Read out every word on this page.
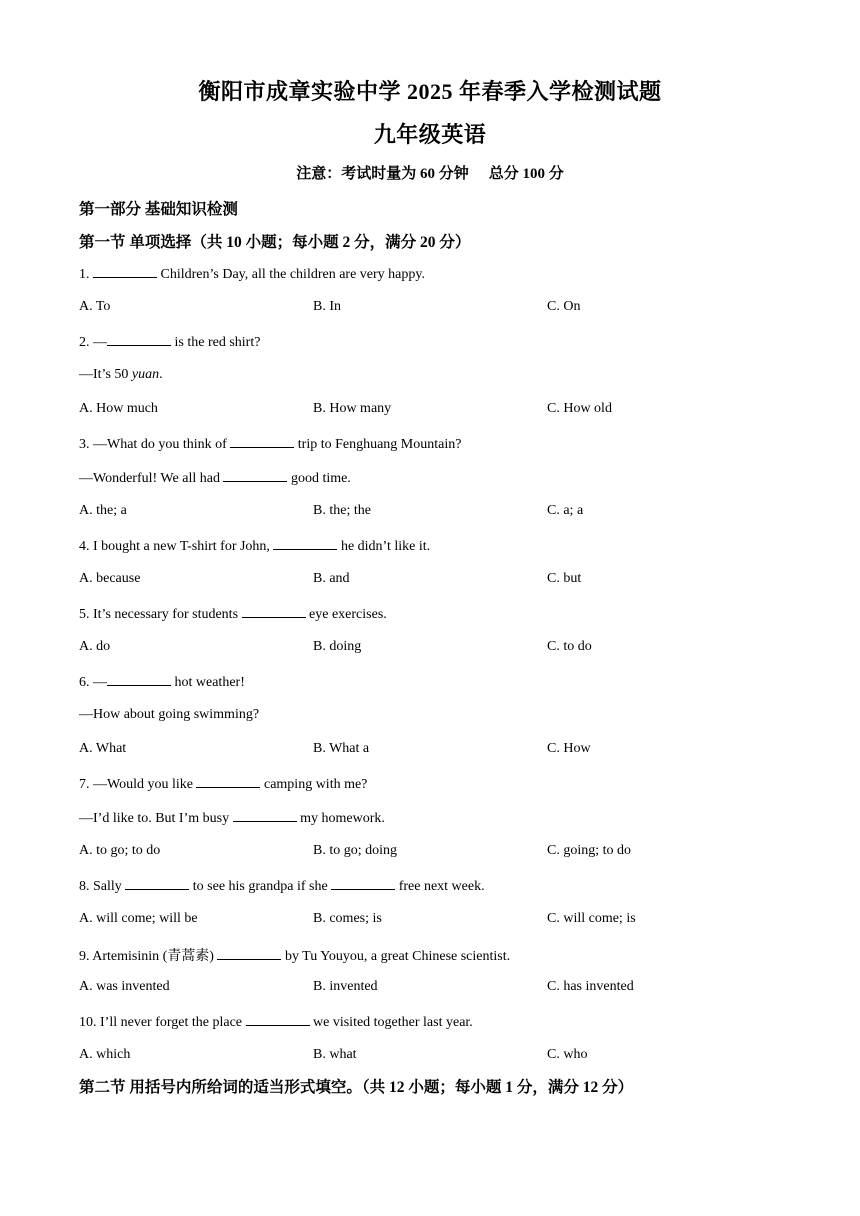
衡阳市成章实验中学 2025 年春季入学检测试题
九年级英语
注意：考试时量为 60 分钟 总分 100 分
第一部分 基础知识检测
第一节 单项选择（共 10 小题；每小题 2 分，满分 20 分）
1.	Children’s Day, all the children are very happy.
A. To	B. In	C. On
2. —	is the red shirt?
—It’s 50 yuan.
A. How much	B. How many	C. How old
3. —What do you think of	trip to Fenghuang Mountain?
—Wonderful! We all had	good time.
A. the; a	B. the; the	C. a; a
4. I bought a new T-shirt for John,	he didn’t like it.
A. because	B. and	C. but
5. It’s necessary for students	eye exercises.
A. do	B. doing	C. to do
6. —	hot weather!
—How about going swimming?
A. What	B. What a	C. How
7. —Would you like	camping with me?
—I’d like to. But I’m busy	my homework.
A. to go; to do	B. to go; doing	C. going; to do
8. Sally	to see his grandpa if she	free next week.
A. will come; will be	B. comes; is	C. will come; is
9. Artemisinin (青蒿素)	by Tu Youyou, a great Chinese scientist.
A. was invented	B. invented	C. has invented
10. I’ll never forget the place	we visited together last year.
A. which	B. what	C. who
第二节 用括号内所给词的适当形式填空。（共 12 小题；每小题 1 分，满分 12 分）
